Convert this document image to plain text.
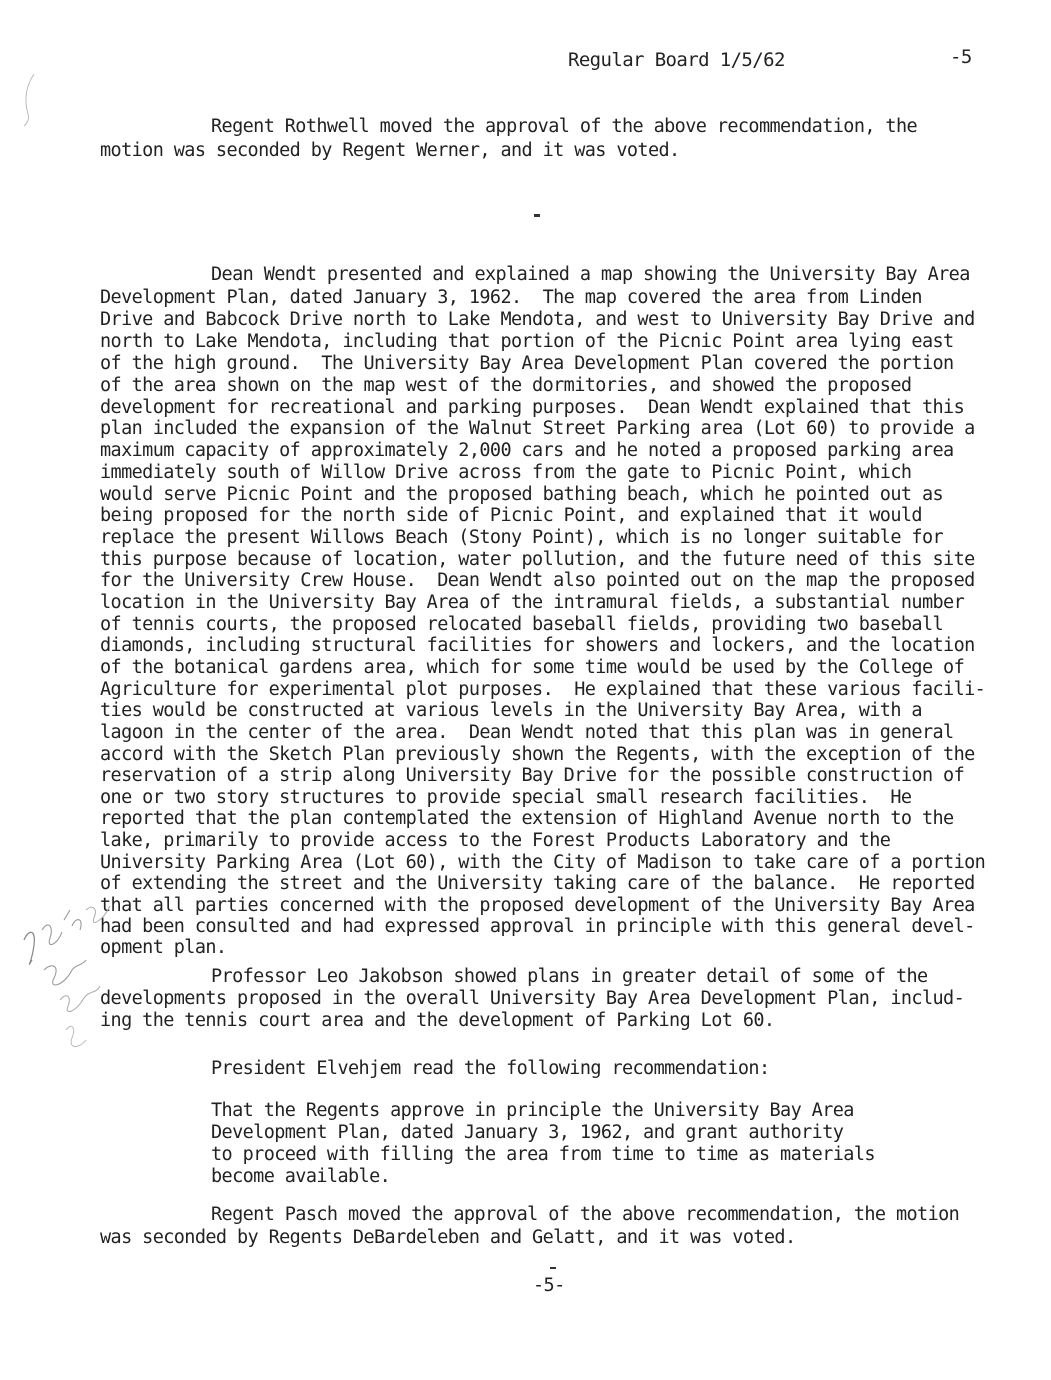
Regular Board 1/5/62	-5
Regent Rothwell moved the approval of the above recommendation, the
motion was seconded by Regent Werner, and it was voted.
Dean Wendt presented and explained a map showing the University Bay Area
Development Plan, dated January 3, 1962.  The map covered the area from Linden
Drive and Babcock Drive north to Lake Mendota, and west to University Bay Drive and
north to Lake Mendota, including that portion of the Picnic Point area lying east
of the high ground.  The University Bay Area Development Plan covered the portion
of the area shown on the map west of the dormitories, and showed the proposed
development for recreational and parking purposes.  Dean Wendt explained that this
plan included the expansion of the Walnut Street Parking area (Lot 60) to provide a
maximum capacity of approximately 2,000 cars and he noted a proposed parking area
immediately south of Willow Drive across from the gate to Picnic Point, which
would serve Picnic Point and the proposed bathing beach, which he pointed out as
being proposed for the north side of Picnic Point, and explained that it would
replace the present Willows Beach (Stony Point), which is no longer suitable for
this purpose because of location, water pollution, and the future need of this site
for the University Crew House.  Dean Wendt also pointed out on the map the proposed
location in the University Bay Area of the intramural fields, a substantial number
of tennis courts, the proposed relocated baseball fields, providing two baseball
diamonds, including structural facilities for showers and lockers, and the location
of the botanical gardens area, which for some time would be used by the College of
Agriculture for experimental plot purposes.  He explained that these various facili-
ties would be constructed at various levels in the University Bay Area, with a
lagoon in the center of the area.  Dean Wendt noted that this plan was in general
accord with the Sketch Plan previously shown the Regents, with the exception of the
reservation of a strip along University Bay Drive for the possible construction of
one or two story structures to provide special small research facilities.  He
reported that the plan contemplated the extension of Highland Avenue north to the
lake, primarily to provide access to the Forest Products Laboratory and the
University Parking Area (Lot 60), with the City of Madison to take care of a portion
of extending the street and the University taking care of the balance.  He reported
that all parties concerned with the proposed development of the University Bay Area
had been consulted and had expressed approval in principle with this general devel-
opment plan.
Professor Leo Jakobson showed plans in greater detail of some of the
developments proposed in the overall University Bay Area Development Plan, includ-
ing the tennis court area and the development of Parking Lot 60.
President Elvehjem read the following recommendation:
That the Regents approve in principle the University Bay Area
Development Plan, dated January 3, 1962, and grant authority
to proceed with filling the area from time to time as materials
become available.
Regent Pasch moved the approval of the above recommendation, the motion
was seconded by Regents DeBardeleben and Gelatt, and it was voted.
-5-
